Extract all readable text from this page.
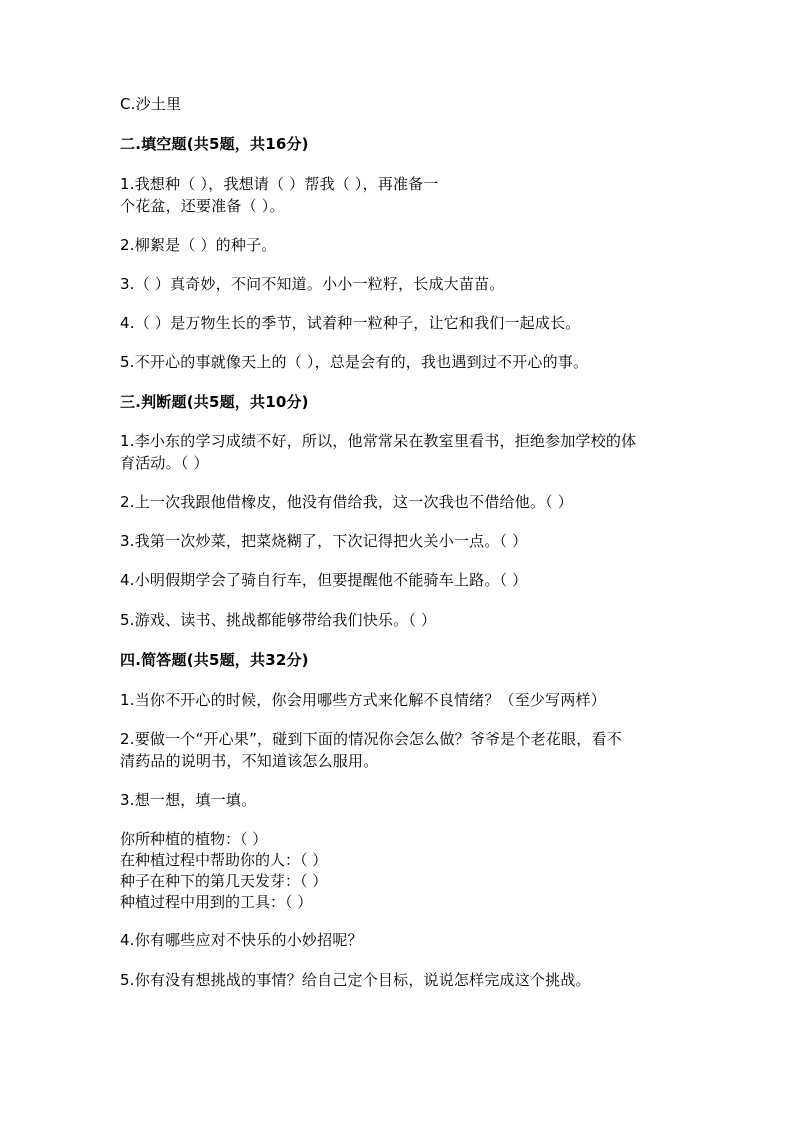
C.沙土里
二.填空题(共5题，共16分)
1.我想种（ ），我想请（ ）帮我（ ），再准备一
个花盆，还要准备（ ）。
2.柳絮是（ ）的种子。
3.（ ）真奇妙，不问不知道。小小一粒籽，长成大苗苗。
4.（ ）是万物生长的季节，试着种一粒种子，让它和我们一起成长。
5.不开心的事就像天上的（ ），总是会有的，我也遇到过不开心的事。
三.判断题(共5题，共10分)
1.李小东的学习成绩不好，所以，他常常呆在教室里看书，拒绝参加学校的体
育活动。（ ）
2.上一次我跟他借橡皮，他没有借给我，这一次我也不借给他。（ ）
3.我第一次炒菜，把菜烧糊了，下次记得把火关小一点。（ ）
4.小明假期学会了骑自行车，但要提醒他不能骑车上路。（ ）
5.游戏、读书、挑战都能够带给我们快乐。（ ）
四.简答题(共5题，共32分)
1.当你不开心的时候，你会用哪些方式来化解不良情绪？（至少写两样）
2.要做一个“开心果”，碰到下面的情况你会怎么做？爷爷是个老花眼，看不
清药品的说明书，不知道该怎么服用。
3.想一想，填一填。
你所种植的植物：（ ）
在种植过程中帮助你的人：（ ）
种子在种下的第几天发芽：（ ）
种植过程中用到的工具：（ ）
4.你有哪些应对不快乐的小妙招呢？
5.你有没有想挑战的事情？给自己定个目标，说说怎样完成这个挑战。
